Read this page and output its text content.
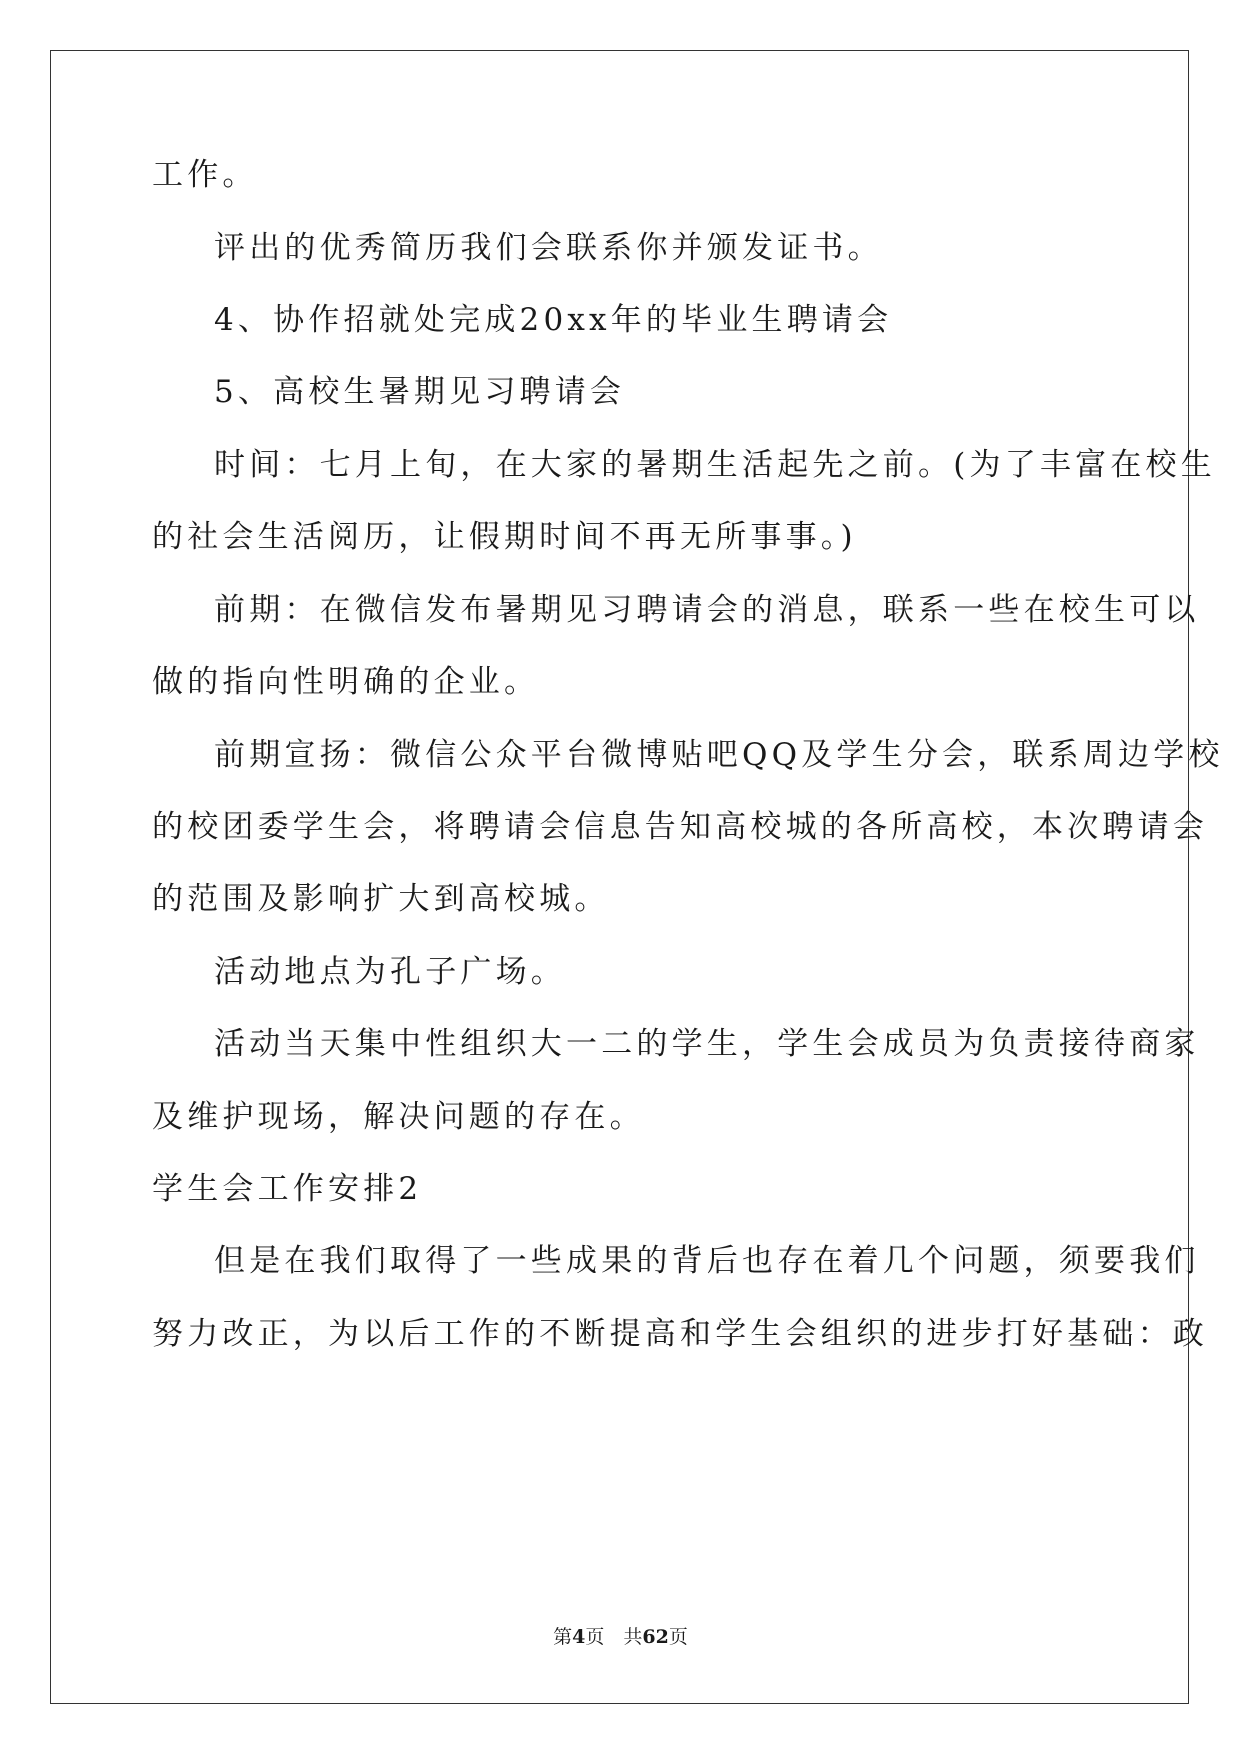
工作。
评出的优秀简历我们会联系你并颁发证书。
4、协作招就处完成20xx年的毕业生聘请会
5、高校生暑期见习聘请会
时间：七月上旬，在大家的暑期生活起先之前。(为了丰富在校生
的社会生活阅历，让假期时间不再无所事事。)
前期：在微信发布暑期见习聘请会的消息，联系一些在校生可以
做的指向性明确的企业。
前期宣扬：微信公众平台微博贴吧QQ及学生分会，联系周边学校
的校团委学生会，将聘请会信息告知高校城的各所高校，本次聘请会
的范围及影响扩大到高校城。
活动地点为孔子广场。
活动当天集中性组织大一二的学生，学生会成员为负责接待商家
及维护现场，解决问题的存在。
学生会工作安排2
但是在我们取得了一些成果的背后也存在着几个问题，须要我们
努力改正，为以后工作的不断提高和学生会组织的进步打好基础：政
第4页　共62页
